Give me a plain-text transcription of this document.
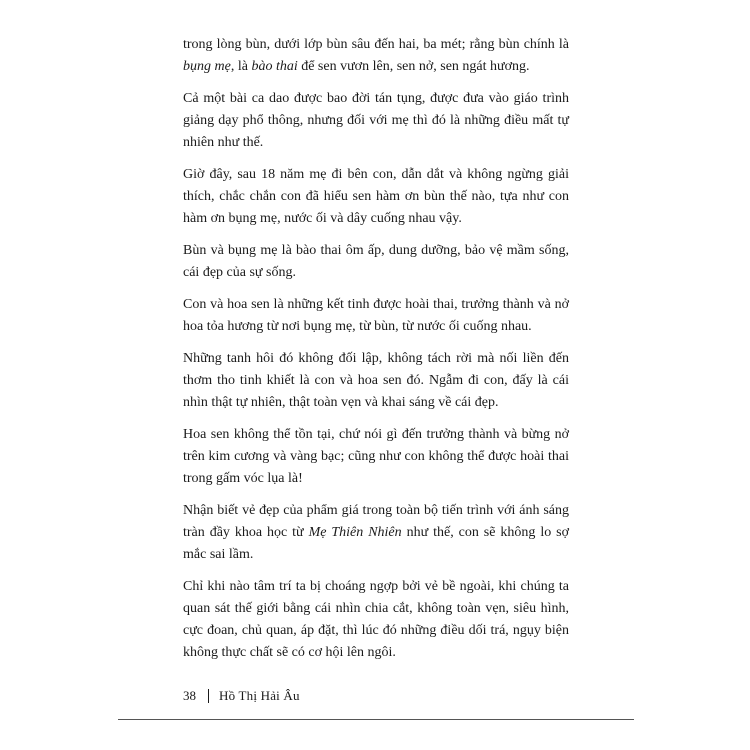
trong lòng bùn, dưới lớp bùn sâu đến hai, ba mét; rằng bùn chính là bụng mẹ, là bào thai để sen vươn lên, sen nở, sen ngát hương.

Cả một bài ca dao được bao đời tán tụng, được đưa vào giáo trình giảng dạy phổ thông, nhưng đối với mẹ thì đó là những điều mất tự nhiên như thế.

Giờ đây, sau 18 năm mẹ đi bên con, dẫn dắt và không ngừng giải thích, chắc chắn con đã hiểu sen hàm ơn bùn thế nào, tựa như con hàm ơn bụng mẹ, nước ối và dây cuống nhau vậy.

Bùn và bụng mẹ là bào thai ôm ấp, dung dưỡng, bảo vệ mầm sống, cái đẹp của sự sống.

Con và hoa sen là những kết tinh được hoài thai, trưởng thành và nở hoa tỏa hương từ nơi bụng mẹ, từ bùn, từ nước ối cuống nhau.

Những tanh hôi đó không đối lập, không tách rời mà nối liền đến thơm tho tinh khiết là con và hoa sen đó. Ngẫm đi con, đấy là cái nhìn thật tự nhiên, thật toàn vẹn và khai sáng về cái đẹp.

Hoa sen không thể tồn tại, chứ nói gì đến trưởng thành và bừng nở trên kim cương và vàng bạc; cũng như con không thể được hoài thai trong gấm vóc lụa là!

Nhận biết vẻ đẹp của phẩm giá trong toàn bộ tiến trình với ánh sáng tràn đầy khoa học từ Mẹ Thiên Nhiên như thế, con sẽ không lo sợ mắc sai lầm.

Chỉ khi nào tâm trí ta bị choáng ngợp bởi vẻ bề ngoài, khi chúng ta quan sát thế giới bằng cái nhìn chia cắt, không toàn vẹn, siêu hình, cực đoan, chủ quan, áp đặt, thì lúc đó những điều dối trá, ngụy biện không thực chất sẽ có cơ hội lên ngôi.

38 Hồ Thị Hải Âu
